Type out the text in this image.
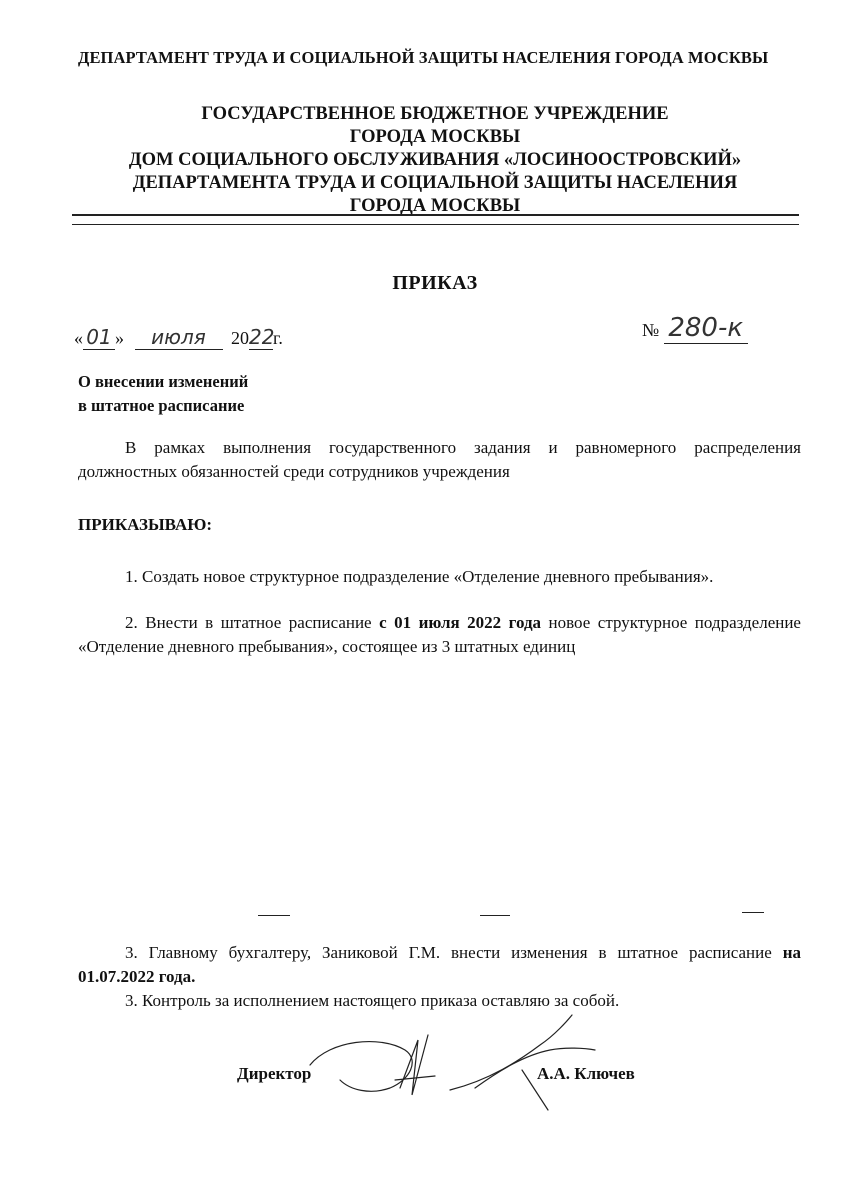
ДЕПАРТАМЕНТ ТРУДА И СОЦИАЛЬНОЙ ЗАЩИТЫ НАСЕЛЕНИЯ ГОРОДА МОСКВЫ
ГОСУДАРСТВЕННОЕ БЮДЖЕТНОЕ УЧРЕЖДЕНИЕ
ГОРОДА МОСКВЫ
ДОМ СОЦИАЛЬНОГО ОБСЛУЖИВАНИЯ «ЛОСИНООСТРОВСКИЙ»
ДЕПАРТАМЕНТА ТРУДА И СОЦИАЛЬНОЙ ЗАЩИТЫ НАСЕЛЕНИЯ
ГОРОДА МОСКВЫ
ПРИКАЗ
« 01 » июля 2022г.	№ 280-к
О внесении изменений
в штатное расписание
В рамках выполнения государственного задания и равномерного распределения должностных обязанностей среди сотрудников учреждения
ПРИКАЗЫВАЮ:
1. Создать новое структурное подразделение «Отделение дневного пребывания».
2. Внести в штатное расписание с 01 июля 2022 года новое структурное подразделение «Отделение дневного пребывания», состоящее из 3 штатных единиц
3. Главному бухгалтеру, Заниковой Г.М. внести изменения в штатное расписание на 01.07.2022 года.
3. Контроль за исполнением настоящего приказа оставляю за собой.
Директор	А.А. Ключев
